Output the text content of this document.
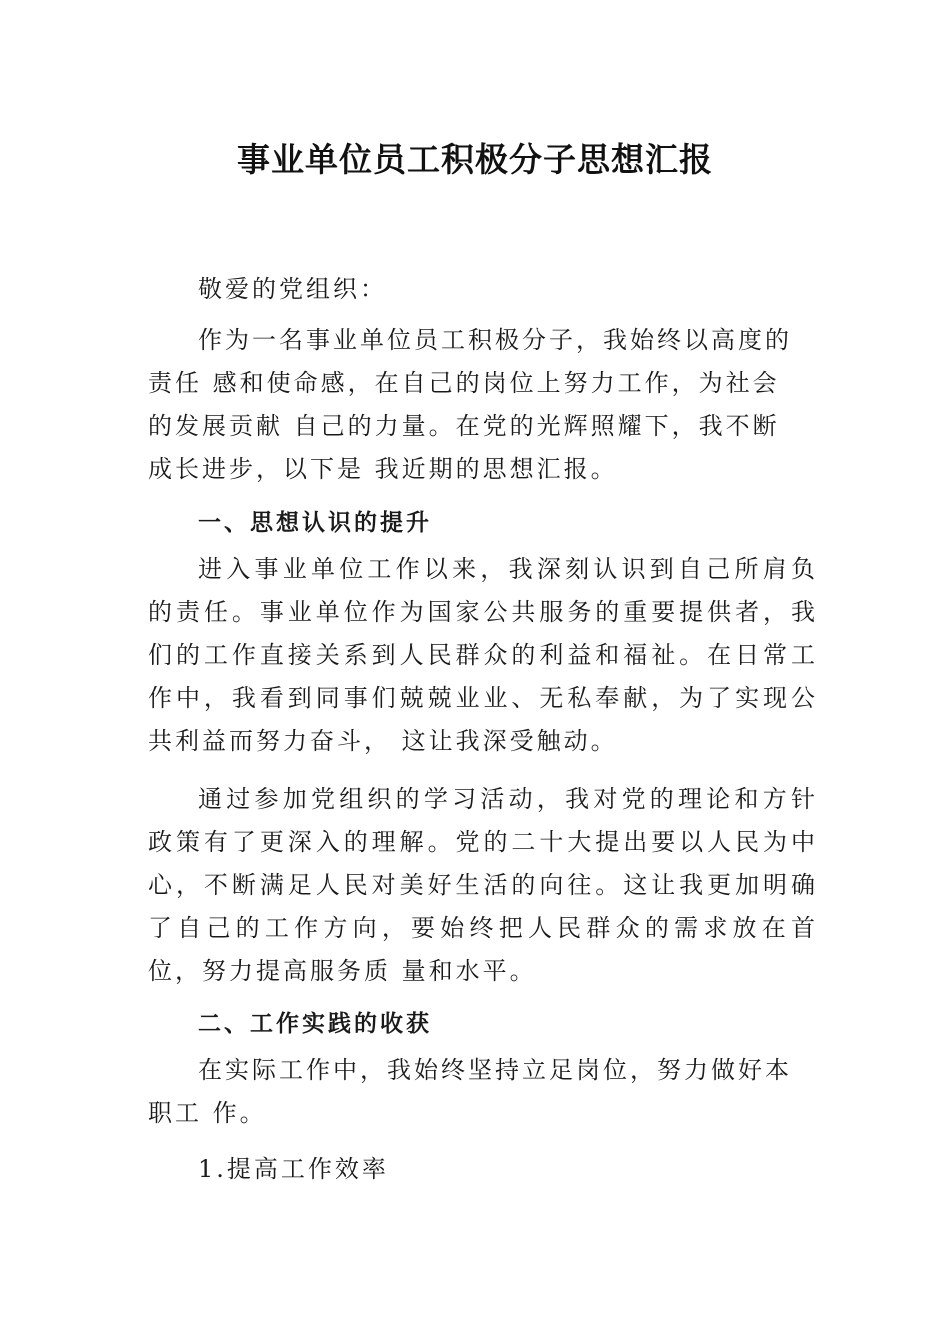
事业单位员工积极分子思想汇报

敬爱的党组织：

作为一名事业单位员工积极分子，我始终以高度的责任 感和使命感，在自己的岗位上努力工作，为社会的发展贡献 自己的力量。在党的光辉照耀下，我不断成长进步，以下是 我近期的思想汇报。

一、思想认识的提升

进入事业单位工作以来，我深刻认识到自己所肩负的责任。事业单位作为国家公共服务的重要提供者，我们的工作直接关系到人民群众的利益和福祉。在日常工作中，我看到同事们兢兢业业、无私奉献，为了实现公共利益而努力奋斗， 这让我深受触动。

通过参加党组织的学习活动，我对党的理论和方针政策有了更深入的理解。党的二十大提出要以人民为中心，不断满足人民对美好生活的向往。这让我更加明确了自己的工作方向，要始终把人民群众的需求放在首位，努力提高服务质 量和水平。

二、工作实践的收获

在实际工作中，我始终坚持立足岗位，努力做好本职工 作。

1.提高工作效率
